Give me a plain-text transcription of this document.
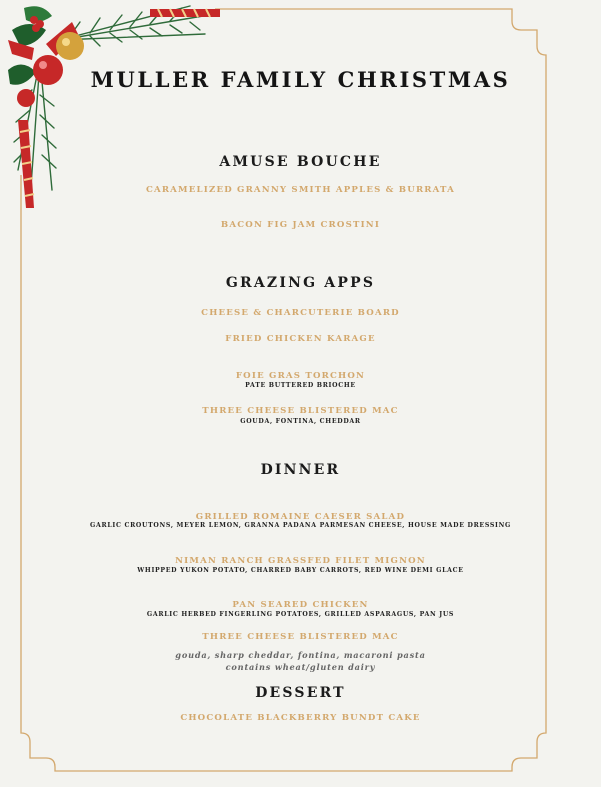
MULLER FAMILY CHRISTMAS
AMUSE BOUCHE
CARAMELIZED GRANNY SMITH APPLES & BURRATA
BACON FIG JAM CROSTINI
GRAZING APPS
CHEESE & CHARCUTERIE BOARD
FRIED CHICKEN KARAGE
FOIE GRAS TORCHON
PATE BUTTERED BRIOCHE
THREE CHEESE BLISTERED MAC
GOUDA, FONTINA, CHEDDAR
DINNER
GRILLED ROMAINE CAESER SALAD
GARLIC CROUTONS, MEYER LEMON, GRANNA PADANA PARMESAN CHEESE, HOUSE MADE DRESSING
NIMAN RANCH GRASSFED FILET MIGNON
WHIPPED YUKON POTATO, CHARRED BABY CARROTS, RED WINE DEMI GLACE
PAN SEARED CHICKEN
GARLIC HERBED FINGERLING POTATOES, GRILLED ASPARAGUS, PAN JUS
THREE CHEESE BLISTERED MAC
gouda, sharp cheddar, fontina, macaroni pasta
contains wheat/gluten dairy
DESSERT
CHOCOLATE BLACKBERRY BUNDT CAKE
